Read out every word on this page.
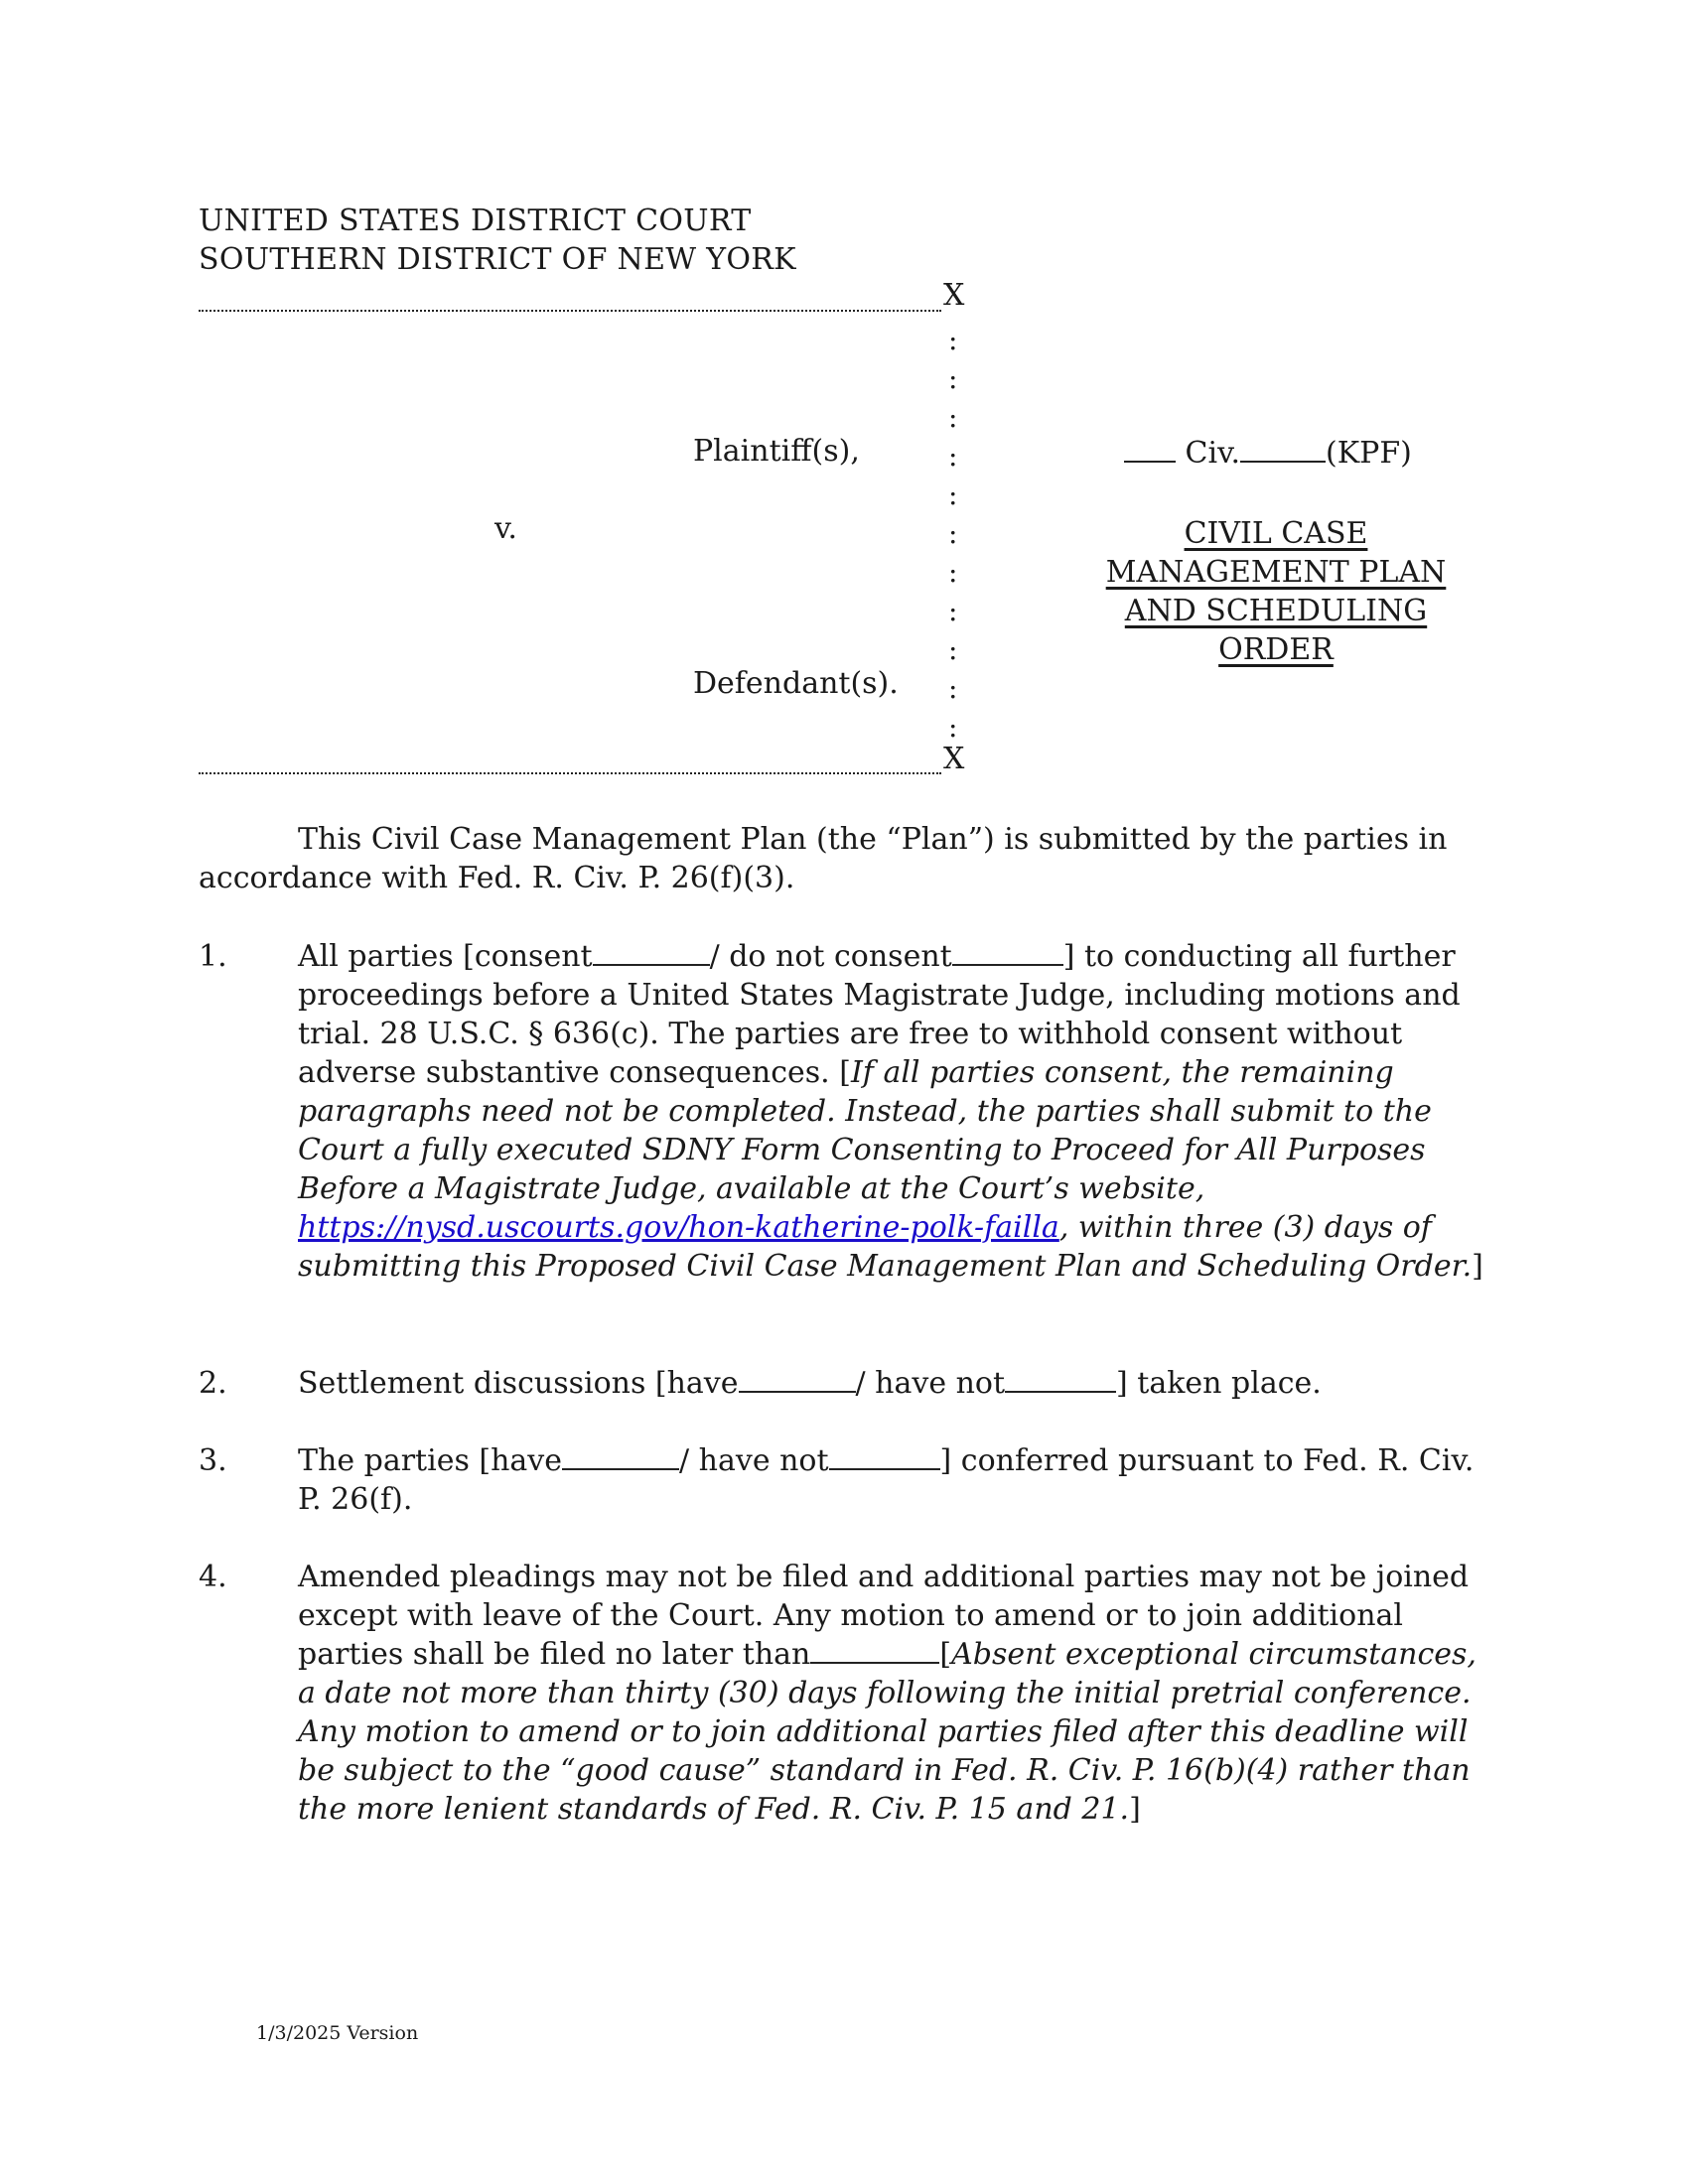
UNITED STATES DISTRICT COURT
SOUTHERN DISTRICT OF NEW YORK
X
:
:
:
:
:
:
:
:
:
:
:
Plaintiff(s),
v.
Defendant(s).
X
Civ.	(KPF)
CIVIL CASE MANAGEMENT PLAN AND SCHEDULING ORDER
This Civil Case Management Plan (the “Plan”) is submitted by the parties in accordance with Fed. R. Civ. P. 26(f)(3).
1. All parties [consent	/ do not consent	] to conducting all further proceedings before a United States Magistrate Judge, including motions and trial. 28 U.S.C. § 636(c). The parties are free to withhold consent without adverse substantive consequences. [If all parties consent, the remaining paragraphs need not be completed. Instead, the parties shall submit to the Court a fully executed SDNY Form Consenting to Proceed for All Purposes Before a Magistrate Judge, available at the Court’s website, https://nysd.uscourts.gov/hon-katherine-polk-failla, within three (3) days of submitting this Proposed Civil Case Management Plan and Scheduling Order.]
2. Settlement discussions [have	/ have not	] taken place.
3. The parties [have	/ have not	] conferred pursuant to Fed. R. Civ. P. 26(f).
4. Amended pleadings may not be filed and additional parties may not be joined except with leave of the Court. Any motion to amend or to join additional parties shall be filed no later than	[Absent exceptional circumstances, a date not more than thirty (30) days following the initial pretrial conference. Any motion to amend or to join additional parties filed after this deadline will be subject to the “good cause” standard in Fed. R. Civ. P. 16(b)(4) rather than the more lenient standards of Fed. R. Civ. P. 15 and 21.]
1/3/2025 Version
